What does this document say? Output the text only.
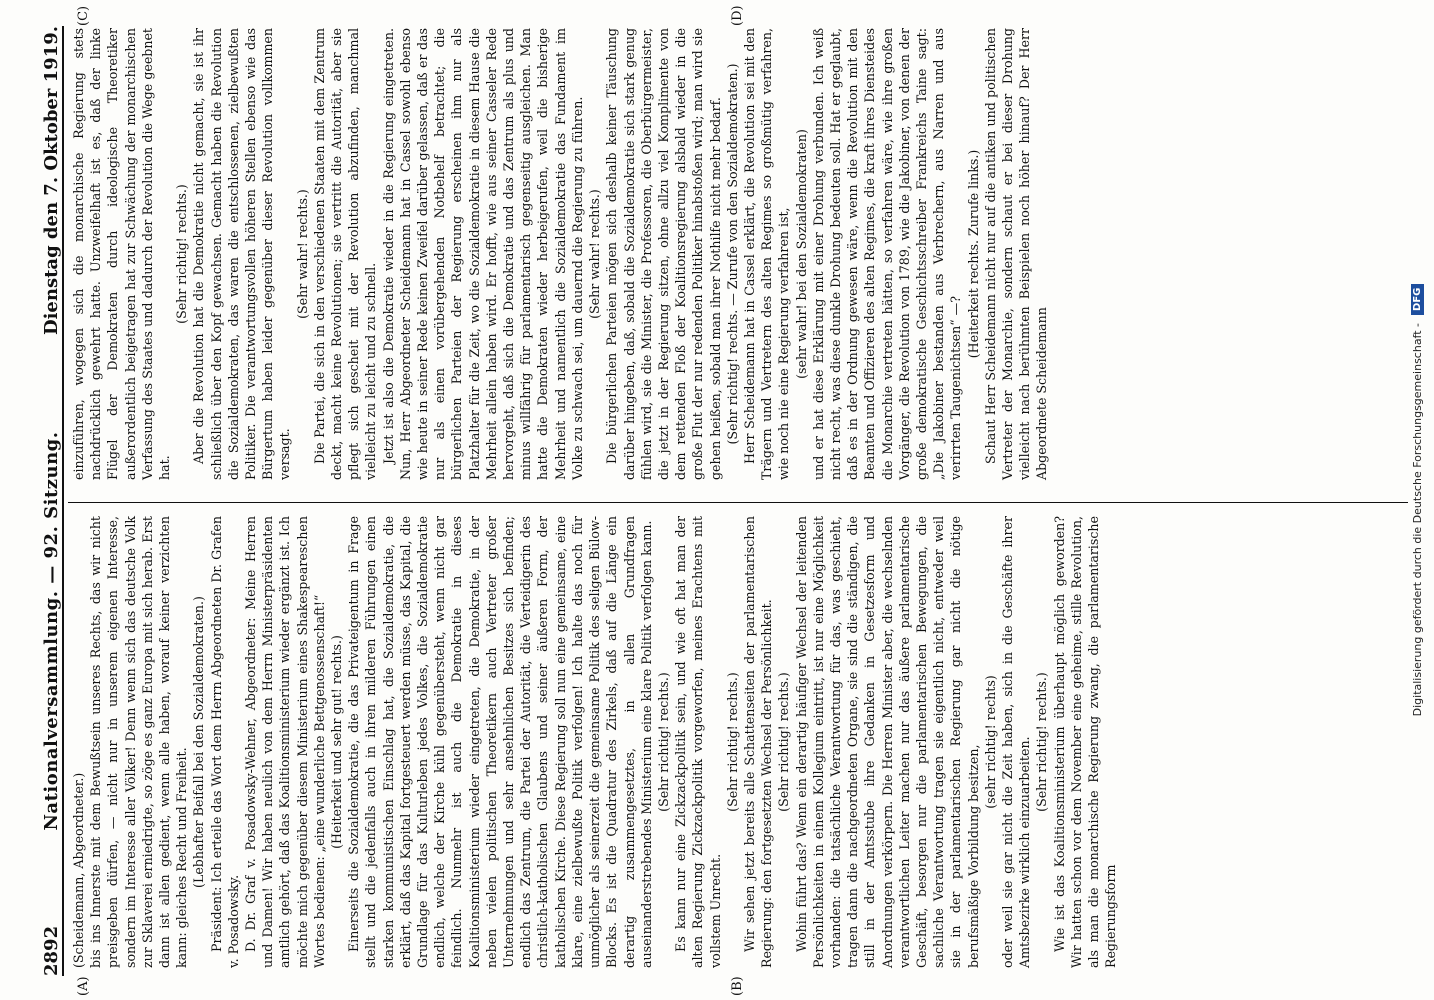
2892
Nationalversammlung. — 92. Sitzung.
Dienstag den 7. Oktober 1919.
(A)	(B)
(C)	(D)

(Scheidemann, Abgeordneter.) bis ins Innerste mit dem Bewußtsein unseres Rechts, das wir nicht preisgeben dürfen, — nicht nur in unserem eigenen Interesse, sondern im Interesse aller Völker! Denn wenn sich das deutsche Volk zur Sklaverei erniedrigte, so zöge es ganz Europa mit sich herab. Erst dann ist allen gedient, wenn alle haben, worauf keiner verzichten kann: gleiches Recht und Freiheit. (Lebhafter Beifall bei den Sozialdemokraten.) Präsident: Ich erteile das Wort dem Herrn Abgeordneten Dr. Grafen v. Posadowsky. D. Dr. Graf v. Posadowsky-Wehner, Abgeordneter: Meine Herren und Damen! Wir haben neulich von dem Herrn Ministerpräsidenten amtlich gehört, daß das Koalitionsministerium wieder ergänzt ist. Ich möchte mich gegenüber diesem Ministerium eines Shakespeareschen Wortes bedienen: „eine wunderliche Bettgenossenschaft!“ (Heiterkeit und sehr gut! rechts.) Einerseits die Sozialdemokratie, die das Privateigentum in Frage stellt und die jedenfalls auch in ihren milderen Führungen einen starken kommunistischen Einschlag hat, die Sozialdemokratie, die erklärt, daß das Kapital fortgesteuert werden müsse, das Kapital, die Grundlage für das Kulturleben jedes Volkes, die Sozialdemokratie endlich, welche der Kirche kühl gegenübersteht, wenn nicht gar feindlich. Nunmehr ist auch die Demokratie in dieses Koalitionsministerium wieder eingetreten, die Demokratie, in der neben vielen politischen Theoretikern auch Vertreter großer Unternehmungen und sehr ansehnlichen Besitzes sich befinden; endlich das Zentrum, die Partei der Autorität, die Verteidigerin des christlich-katholischen Glaubens und seiner äußeren Form, der katholischen Kirche. Diese Regierung soll nun eine gemeinsame, eine klare, eine zielbewußte Politik verfolgen! Ich halte das noch für unmöglicher als seinerzeit die gemeinsame Politik des seligen Bülow-Blocks. Es ist die Quadratur des Zirkels, daß auf die Länge ein derartig zusammengesetztes, in allen Grundfragen auseinanderstrebendes Ministerium eine klare Politik verfolgen kann. (Sehr richtig! rechts.) Es kann nur eine Zickzackpolitik sein, und wie oft hat man der alten Regierung Zickzackpolitik vorgeworfen, meines Erachtens mit vollstem Unrecht.

(Sehr richtig! rechts.) Wir sehen jetzt bereits alle Schattenseiten der parlamentarischen Regierung: den fortgesetzten Wechsel der Persönlichkeit. (Sehr richtig! rechts.) Wohin führt das? Wenn ein derartig häufiger Wechsel der leitenden Persönlichkeiten in einem Kollegium eintritt, ist nur eine Möglichkeit vorhanden: die tatsächliche Verantwortung für das, was geschieht, tragen dann die nachgeordneten Organe, sie sind die ständigen, die still in der Amtsstube ihre Gedanken in Gesetzesform und Anordnungen verkörpern. Die Herren Minister aber, die wechselnden verantwortlichen Leiter machen nur das äußere parlamentarische Geschäft, besorgen nur die parlamentarischen Bewegungen, die sachliche Verantwortung tragen sie eigentlich nicht, entweder weil sie in der parlamentarischen Regierung gar nicht die nötige berufsmäßige Vorbildung besitzen,

(sehr richtig! rechts) oder weil sie gar nicht die Zeit haben, sich in die Geschäfte ihrer Amtsbezirke wirklich einzuarbeiten. (Sehr richtig! rechts.) Wie ist das Koalitionsministerium überhaupt möglich geworden? Wir hatten schon vor dem November eine geheime, stille Revolution, als man die monarchische Regierung zwang, die parlamentarische Regierungsform

einzuführen, wogegen sich die monarchische Regierung stets nachdrücklich gewehrt hatte. Unzweifelhaft ist es, daß der linke Flügel der Demokraten durch ideologische Theoretiker außerordentlich beigetragen hat zur Schwächung der monarchischen Verfassung des Staates und dadurch der Revolution die Wege geebnet hat.

(Sehr richtig! rechts.) Aber die Revolution hat die Demokratie nicht gemacht, sie ist ihr schließlich über den Kopf gewachsen. Gemacht haben die Revolution die Sozialdemokraten, das waren die entschlossenen, zielbewußten Politiker. Die verantwortungsvollen höheren Stellen ebenso wie das Bürgertum haben leider gegenüber dieser Revolution vollkommen versagt.

(Sehr wahr! rechts.) Die Partei, die sich in den verschiedenen Staaten mit dem Zentrum deckt, macht keine Revolutionen; sie vertritt die Autorität, aber sie pflegt sich gescheit mit der Revolution abzufinden, manchmal vielleicht zu leicht und zu schnell. Jetzt ist also die Demokratie wieder in die Regierung eingetreten. Nun, Herr Abgeordneter Scheidemann hat in Cassel sowohl ebenso wie heute in seiner Rede keinen Zweifel darüber gelassen, daß er das nur als einen vorübergehenden Notbehelf betrachtet; die bürgerlichen Parteien der Regierung erscheinen ihm nur als Platzhalter für die Zeit, wo die Sozialdemokratie in diesem Hause die Mehrheit allein haben wird. Er hofft, wie aus seiner Casseler Rede hervorgeht, daß sich die Demokratie und das Zentrum als plus und minus willfährig für parlamentarisch gegenseitig ausgleichen. Man hatte die Demokraten wieder herbeigerufen, weil die bisherige Mehrheit und namentlich die Sozialdemokratie das Fundament im Volke zu schwach sei, um dauernd die Regierung zu führen. (Sehr wahr! rechts.) Die bürgerlichen Parteien mögen sich deshalb keiner Täuschung darüber hingeben, daß, sobald die Sozialdemokratie sich stark genug fühlen wird, sie die Minister, die Professoren, die Oberbürgermeister, die jetzt in der Regierung sitzen, ohne allzu viel Komplimente von dem rettenden Floß der Koalitionsregierung alsbald wieder in die große Flut der nur redenden Politiker hinabstoßen wird; man wird sie gehen heißen, sobald man ihrer Nothilfe nicht mehr bedarf. (Sehr richtig! rechts. — Zurufe von den Sozialdemokraten.) Herr Scheidemann hat in Cassel erklärt, die Revolution sei mit den Trägern und Vertretern des alten Regimes so großmütig verfahren, wie noch nie eine Regierung verfahren ist, (sehr wahr! bei den Sozialdemokraten) und er hat diese Erklärung mit einer Drohung verbunden. Ich weiß nicht recht, was diese dunkle Drohung bedeuten soll. Hat er geglaubt, daß es in der Ordnung gewesen wäre, wenn die Revolution mit den Beamten und Offizieren des alten Regimes, die kraft ihres Diensteides die Monarchie vertreten hätten, so verfahren wäre, wie ihre großen Vorgänger, die Revolution von 1789, wie die Jakobiner, von denen der große demokratische Geschichtsschreiber Frankreichs Taine sagt: „Die Jakobiner bestanden aus Verbrechern, aus Narren und aus verirrten Taugenichtsen“ —?

(Heiterkeit rechts. Zurufe links.) Schaut Herr Scheidemann nicht nur auf die antiken und politischen Vertreter der Monarchie, sondern schaut er bei dieser Drohung vielleicht nach berühmten Beispielen noch höher hinauf? Der Herr Abgeordnete Scheidemann	Digitalisierung gefördert durch die Deutsche Forschungsgemeinschaft -
DFG
